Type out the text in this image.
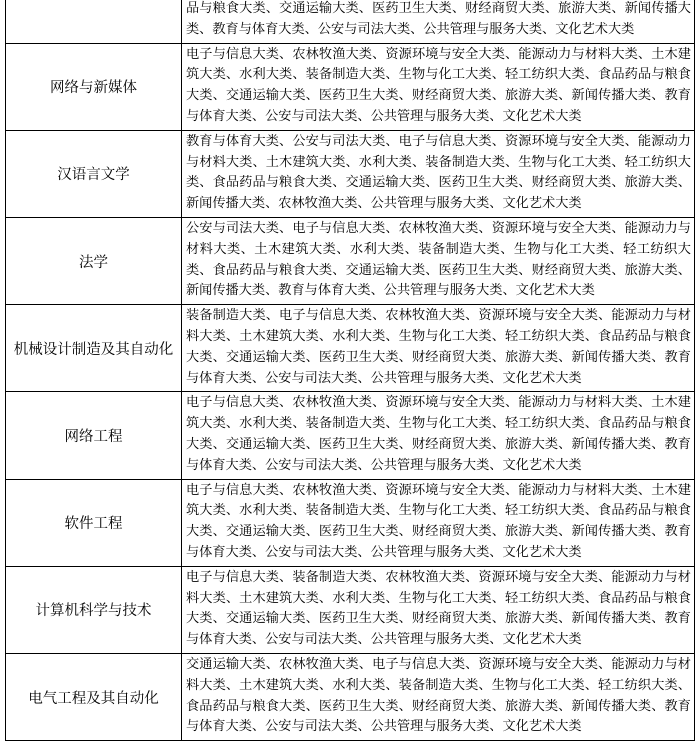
	品与粮食大类、交通运输大类、医药卫生大类、财经商贸大类、旅游大类、新闻传播大类、教育与体育大类、公安与司法大类、公共管理与服务大类、文化艺术大类
网络与新媒体	电子与信息大类、农林牧渔大类、资源环境与安全大类、能源动力与材料大类、土木建筑大类、水利大类、装备制造大类、生物与化工大类、轻工纺织大类、食品药品与粮食大类、交通运输大类、医药卫生大类、财经商贸大类、旅游大类、新闻传播大类、教育与体育大类、公安与司法大类、公共管理与服务大类、文化艺术大类
汉语言文学	教育与体育大类、公安与司法大类、电子与信息大类、资源环境与安全大类、能源动力与材料大类、土木建筑大类、水利大类、装备制造大类、生物与化工大类、轻工纺织大类、食品药品与粮食大类、交通运输大类、医药卫生大类、财经商贸大类、旅游大类、新闻传播大类、农林牧渔大类、公共管理与服务大类、文化艺术大类
法学	公安与司法大类、电子与信息大类、农林牧渔大类、资源环境与安全大类、能源动力与材料大类、土木建筑大类、水利大类、装备制造大类、生物与化工大类、轻工纺织大类、食品药品与粮食大类、交通运输大类、医药卫生大类、财经商贸大类、旅游大类、新闻传播大类、教育与体育大类、公共管理与服务大类、文化艺术大类
机械设计制造及其自动化	装备制造大类、电子与信息大类、农林牧渔大类、资源环境与安全大类、能源动力与材料大类、土木建筑大类、水利大类、生物与化工大类、轻工纺织大类、食品药品与粮食大类、交通运输大类、医药卫生大类、财经商贸大类、旅游大类、新闻传播大类、教育与体育大类、公安与司法大类、公共管理与服务大类、文化艺术大类
网络工程	电子与信息大类、农林牧渔大类、资源环境与安全大类、能源动力与材料大类、土木建筑大类、水利大类、装备制造大类、生物与化工大类、轻工纺织大类、食品药品与粮食大类、交通运输大类、医药卫生大类、财经商贸大类、旅游大类、新闻传播大类、教育与体育大类、公安与司法大类、公共管理与服务大类、文化艺术大类
软件工程	电子与信息大类、农林牧渔大类、资源环境与安全大类、能源动力与材料大类、土木建筑大类、水利大类、装备制造大类、生物与化工大类、轻工纺织大类、食品药品与粮食大类、交通运输大类、医药卫生大类、财经商贸大类、旅游大类、新闻传播大类、教育与体育大类、公安与司法大类、公共管理与服务大类、文化艺术大类
计算机科学与技术	电子与信息大类、装备制造大类、农林牧渔大类、资源环境与安全大类、能源动力与材料大类、土木建筑大类、水利大类、生物与化工大类、轻工纺织大类、食品药品与粮食大类、交通运输大类、医药卫生大类、财经商贸大类、旅游大类、新闻传播大类、教育与体育大类、公安与司法大类、公共管理与服务大类、文化艺术大类
电气工程及其自动化	交通运输大类、农林牧渔大类、电子与信息大类、资源环境与安全大类、能源动力与材料大类、土木建筑大类、水利大类、装备制造大类、生物与化工大类、轻工纺织大类、食品药品与粮食大类、医药卫生大类、财经商贸大类、旅游大类、新闻传播大类、教育与体育大类、公安与司法大类、公共管理与服务大类、文化艺术大类
